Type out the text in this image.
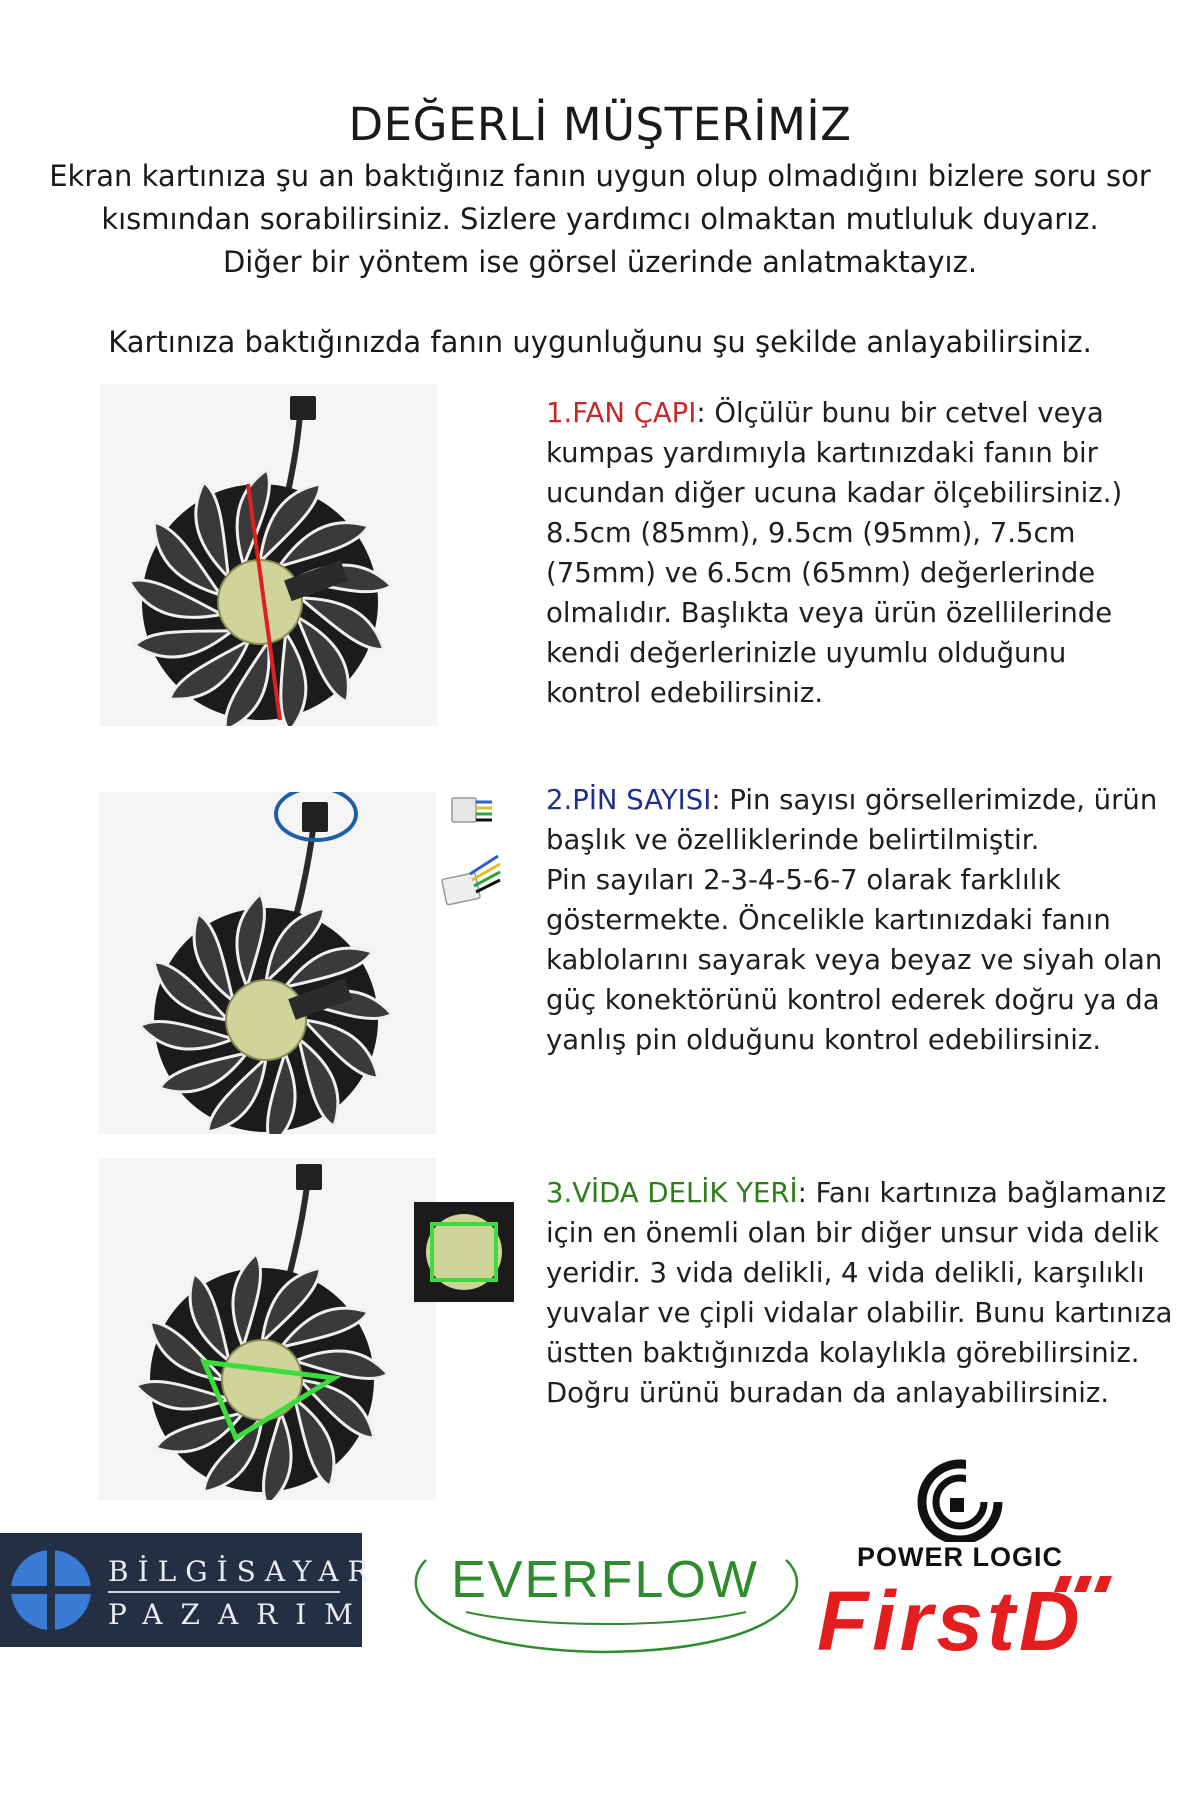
DEĞERLİ MÜŞTERİMİZ
Ekran kartınıza şu an baktığınız fanın uygun olup olmadığını bizlere soru sor
kısmından sorabilirsiniz. Sizlere yardımcı olmaktan mutluluk duyarız.
Diğer bir yöntem ise görsel üzerinde anlatmaktayız.
Kartınıza baktığınızda fanın uygunluğunu şu şekilde anlayabilirsiniz.
1.FAN ÇAPI: Ölçülür bunu bir cetvel veya
kumpas yardımıyla kartınızdaki fanın bir
ucundan diğer ucuna kadar ölçebilirsiniz.)
8.5cm (85mm), 9.5cm (95mm), 7.5cm
(75mm) ve 6.5cm (65mm) değerlerinde
olmalıdır. Başlıkta veya ürün özellilerinde
kendi değerlerinizle uyumlu olduğunu
kontrol edebilirsiniz.
2.PİN SAYISI: Pin sayısı görsellerimizde, ürün
başlık ve özelliklerinde belirtilmiştir.
Pin sayıları 2-3-4-5-6-7 olarak farklılık
göstermekte. Öncelikle kartınızdaki fanın
kablolarını sayarak veya beyaz ve siyah olan
güç konektörünü kontrol ederek doğru ya da
yanlış pin olduğunu kontrol edebilirsiniz.
3.VİDA DELİK YERİ: Fanı kartınıza bağlamanız
için en önemli olan bir diğer unsur vida delik
yeridir. 3 vida delikli, 4 vida delikli, karşılıklı
yuvalar ve çipli vidalar olabilir. Bunu kartınıza
üstten baktığınızda kolaylıkla görebilirsiniz.
Doğru ürünü buradan da anlayabilirsiniz.
BİLGİSAYAR
PAZARIM
EVERFLOW	POWER LOGIC
FirstD
